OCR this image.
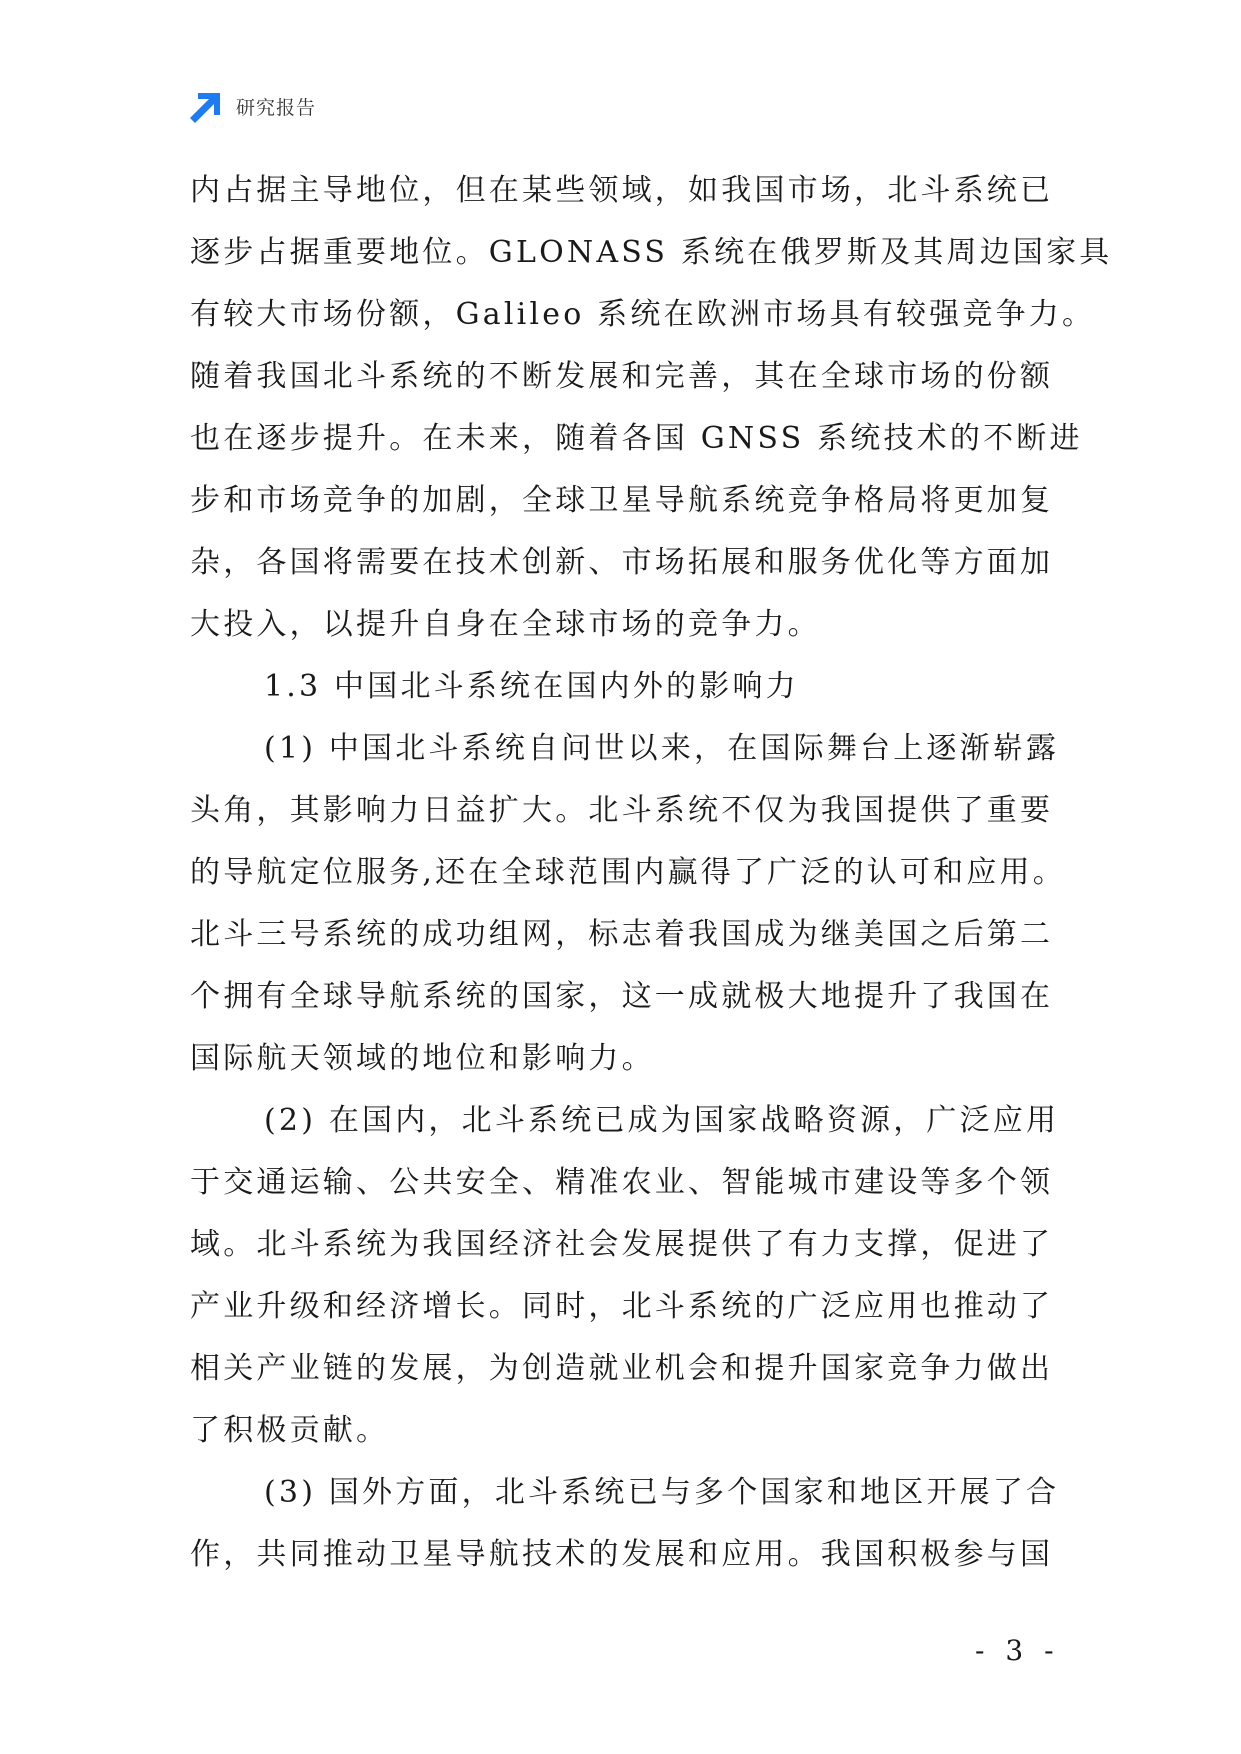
研究报告
内占据主导地位，但在某些领域，如我国市场，北斗系统已
逐步占据重要地位。GLONASS 系统在俄罗斯及其周边国家具
有较大市场份额，Galileo 系统在欧洲市场具有较强竞争力。
随着我国北斗系统的不断发展和完善，其在全球市场的份额
也在逐步提升。在未来，随着各国 GNSS 系统技术的不断进
步和市场竞争的加剧，全球卫星导航系统竞争格局将更加复
杂，各国将需要在技术创新、市场拓展和服务优化等方面加
大投入，以提升自身在全球市场的竞争力。
1.3 中国北斗系统在国内外的影响力
(1) 中国北斗系统自问世以来，在国际舞台上逐渐崭露
头角，其影响力日益扩大。北斗系统不仅为我国提供了重要
的导航定位服务,还在全球范围内赢得了广泛的认可和应用。
北斗三号系统的成功组网，标志着我国成为继美国之后第二
个拥有全球导航系统的国家，这一成就极大地提升了我国在
国际航天领域的地位和影响力。
(2) 在国内，北斗系统已成为国家战略资源，广泛应用
于交通运输、公共安全、精准农业、智能城市建设等多个领
域。北斗系统为我国经济社会发展提供了有力支撑，促进了
产业升级和经济增长。同时，北斗系统的广泛应用也推动了
相关产业链的发展，为创造就业机会和提升国家竞争力做出
了积极贡献。
(3) 国外方面，北斗系统已与多个国家和地区开展了合
作，共同推动卫星导航技术的发展和应用。我国积极参与国
- 3 -
